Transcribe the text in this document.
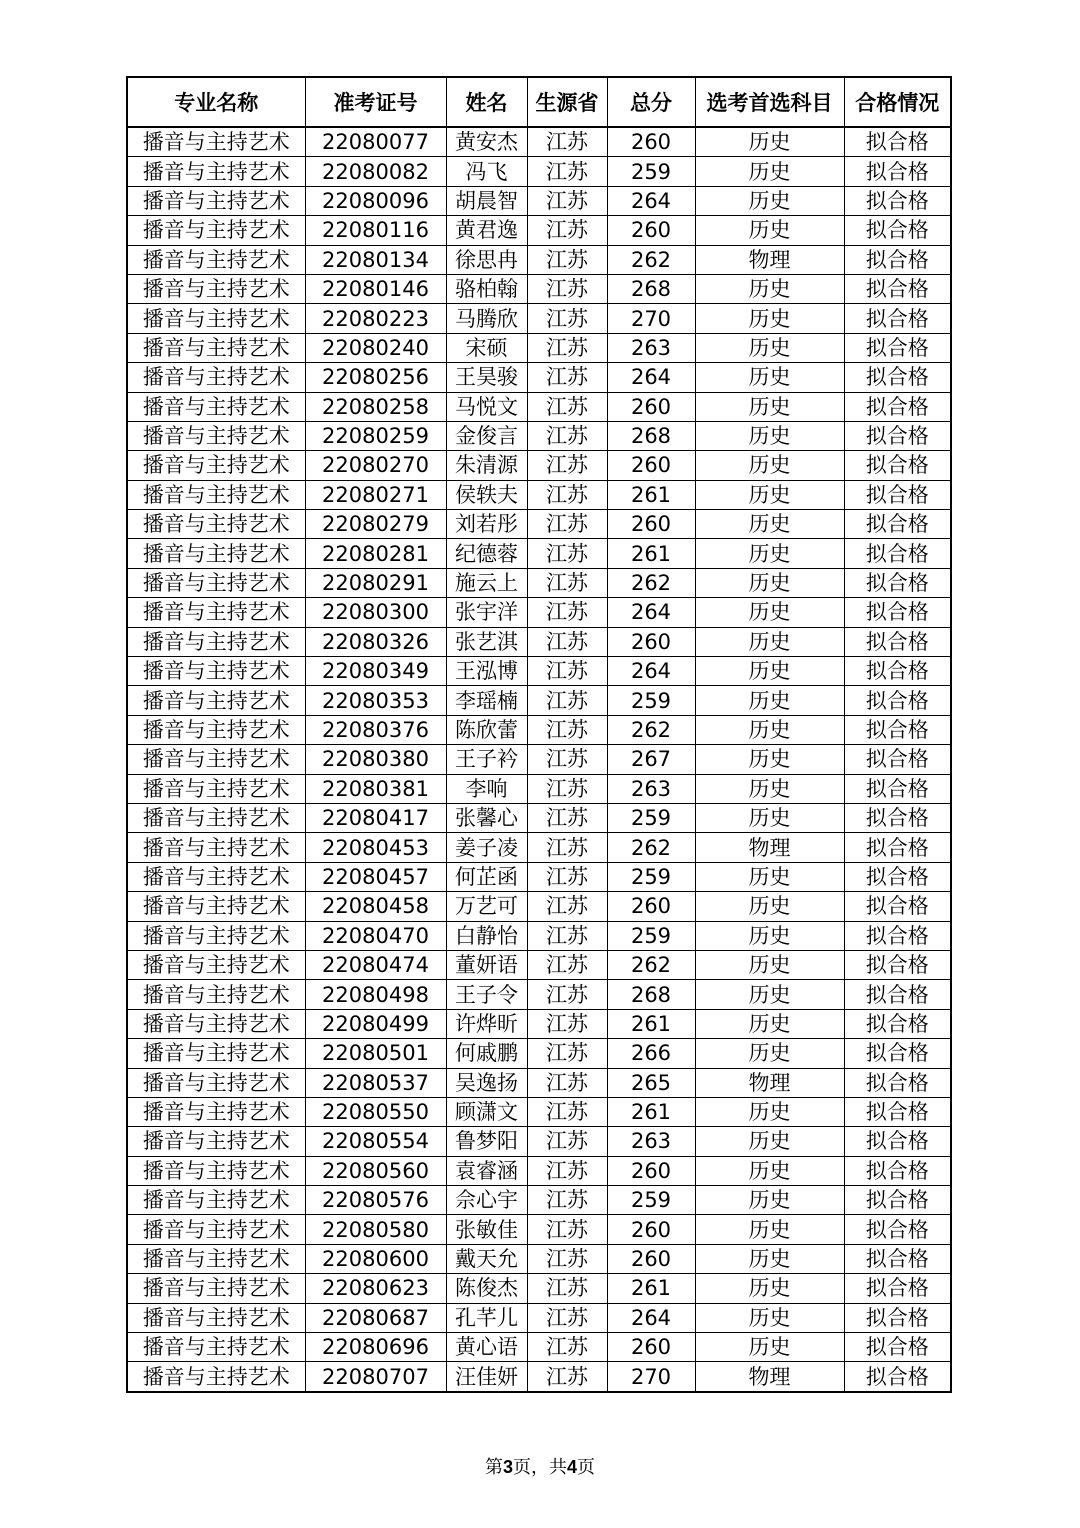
专业名称	准考证号	姓名	生源省	总分	选考首选科目	合格情况
播音与主持艺术	22080077	黄安杰	江苏	260	历史	拟合格
播音与主持艺术	22080082	冯飞	江苏	259	历史	拟合格
播音与主持艺术	22080096	胡晨智	江苏	264	历史	拟合格
播音与主持艺术	22080116	黄君逸	江苏	260	历史	拟合格
播音与主持艺术	22080134	徐思冉	江苏	262	物理	拟合格
播音与主持艺术	22080146	骆柏翰	江苏	268	历史	拟合格
播音与主持艺术	22080223	马腾欣	江苏	270	历史	拟合格
播音与主持艺术	22080240	宋硕	江苏	263	历史	拟合格
播音与主持艺术	22080256	王昊骏	江苏	264	历史	拟合格
播音与主持艺术	22080258	马悦文	江苏	260	历史	拟合格
播音与主持艺术	22080259	金俊言	江苏	268	历史	拟合格
播音与主持艺术	22080270	朱清源	江苏	260	历史	拟合格
播音与主持艺术	22080271	侯轶夫	江苏	261	历史	拟合格
播音与主持艺术	22080279	刘若彤	江苏	260	历史	拟合格
播音与主持艺术	22080281	纪德蓉	江苏	261	历史	拟合格
播音与主持艺术	22080291	施云上	江苏	262	历史	拟合格
播音与主持艺术	22080300	张宇洋	江苏	264	历史	拟合格
播音与主持艺术	22080326	张艺淇	江苏	260	历史	拟合格
播音与主持艺术	22080349	王泓博	江苏	264	历史	拟合格
播音与主持艺术	22080353	李瑶楠	江苏	259	历史	拟合格
播音与主持艺术	22080376	陈欣蕾	江苏	262	历史	拟合格
播音与主持艺术	22080380	王子衿	江苏	267	历史	拟合格
播音与主持艺术	22080381	李响	江苏	263	历史	拟合格
播音与主持艺术	22080417	张馨心	江苏	259	历史	拟合格
播音与主持艺术	22080453	姜子凌	江苏	262	物理	拟合格
播音与主持艺术	22080457	何芷函	江苏	259	历史	拟合格
播音与主持艺术	22080458	万艺可	江苏	260	历史	拟合格
播音与主持艺术	22080470	白静怡	江苏	259	历史	拟合格
播音与主持艺术	22080474	董妍语	江苏	262	历史	拟合格
播音与主持艺术	22080498	王子令	江苏	268	历史	拟合格
播音与主持艺术	22080499	许烨昕	江苏	261	历史	拟合格
播音与主持艺术	22080501	何戚鹏	江苏	266	历史	拟合格
播音与主持艺术	22080537	吴逸扬	江苏	265	物理	拟合格
播音与主持艺术	22080550	顾潇文	江苏	261	历史	拟合格
播音与主持艺术	22080554	鲁梦阳	江苏	263	历史	拟合格
播音与主持艺术	22080560	袁睿涵	江苏	260	历史	拟合格
播音与主持艺术	22080576	佘心宇	江苏	259	历史	拟合格
播音与主持艺术	22080580	张敏佳	江苏	260	历史	拟合格
播音与主持艺术	22080600	戴天允	江苏	260	历史	拟合格
播音与主持艺术	22080623	陈俊杰	江苏	261	历史	拟合格
播音与主持艺术	22080687	孔芊儿	江苏	264	历史	拟合格
播音与主持艺术	22080696	黄心语	江苏	260	历史	拟合格
播音与主持艺术	22080707	汪佳妍	江苏	270	物理	拟合格
第3页，共4页
